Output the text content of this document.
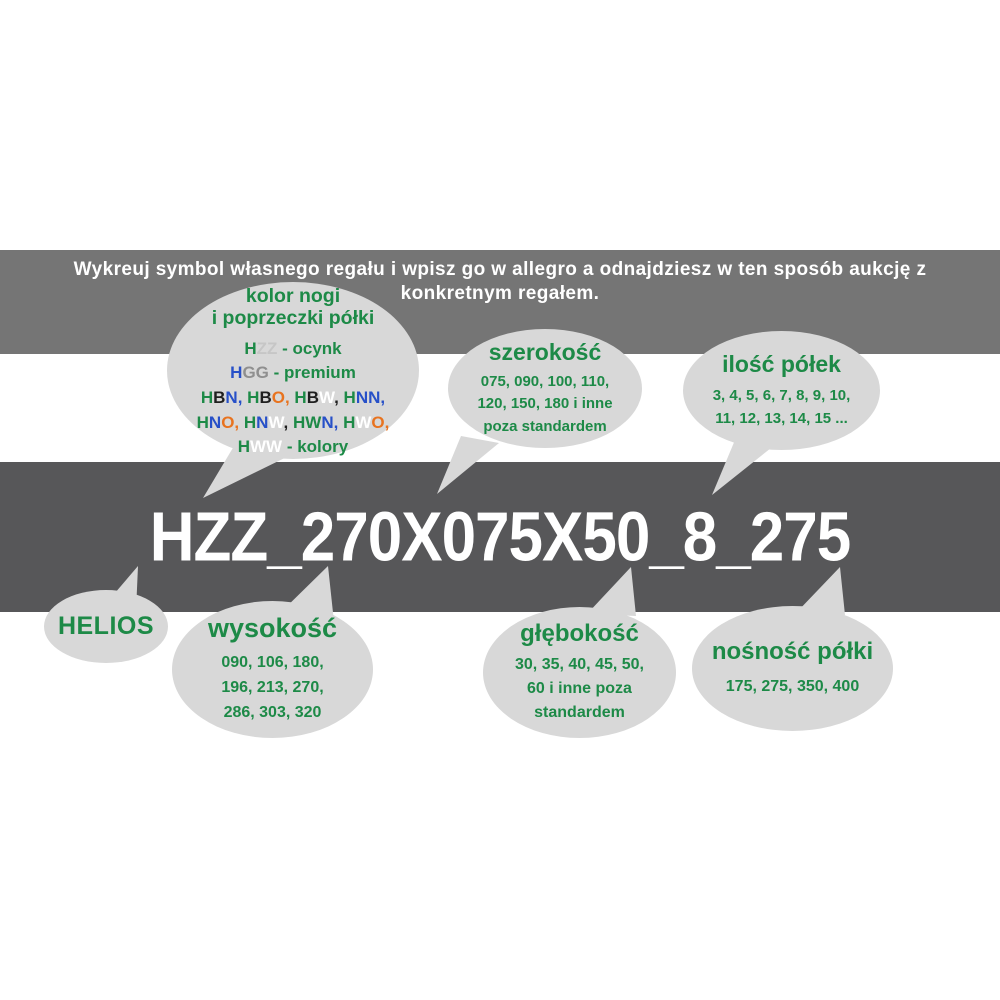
Wykreuj symbol własnego regału i wpisz go w allegro a odnajdziesz w ten sposób aukcję z
konkretnym regałem.
HZZ_270X075X50_8_275
kolor nogi
i poprzeczki półki
HZZ - ocynk
HGG - premium
HBN, HBO, HBW, HNN,
HNO, HNW, HWN, HWO,
HWW - kolory
szerokość
075, 090, 100, 110,
120, 150, 180 i inne
poza standardem
ilość półek
3, 4, 5, 6, 7, 8, 9, 10,
11, 12, 13, 14, 15 ...
HELIOS wysokość
090, 106, 180,
196, 213, 270,
286, 303, 320
głębokość
30, 35, 40, 45, 50,
60 i inne poza
standardem
nośność półki
175, 275, 350, 400
